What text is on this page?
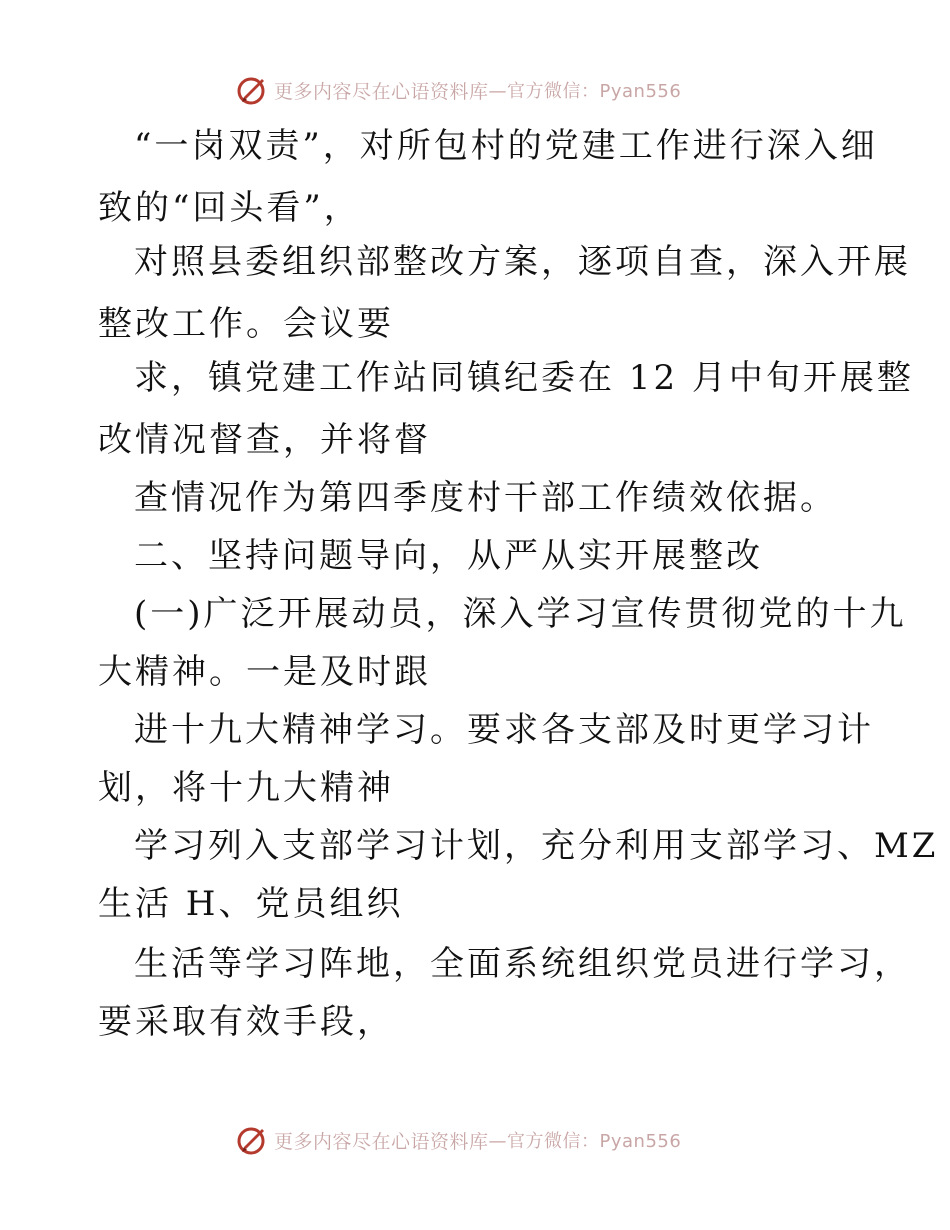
更多内容尽在心语资料库 —官方微信：Pyan556
“一岗双责”，对所包村的党建工作进行深入细
致的“回头看”，
对照县委组织部整改方案，逐项自查，深入开展
整改工作。会议要
求，镇党建工作站同镇纪委在 12 月中旬开展整
改情况督查，并将督
查情况作为第四季度村干部工作绩效依据。
二、坚持问题导向，从严从实开展整改
(一)广泛开展动员，深入学习宣传贯彻党的十九
大精神。一是及时跟
进十九大精神学习。要求各支部及时更学习计
划，将十九大精神
学习列入支部学习计划，充分利用支部学习、MZ
生活 H、党员组织
生活等学习阵地，全面系统组织党员进行学习，
要采取有效手段，
更多内容尽在心语资料库 —官方微信：Pyan556
